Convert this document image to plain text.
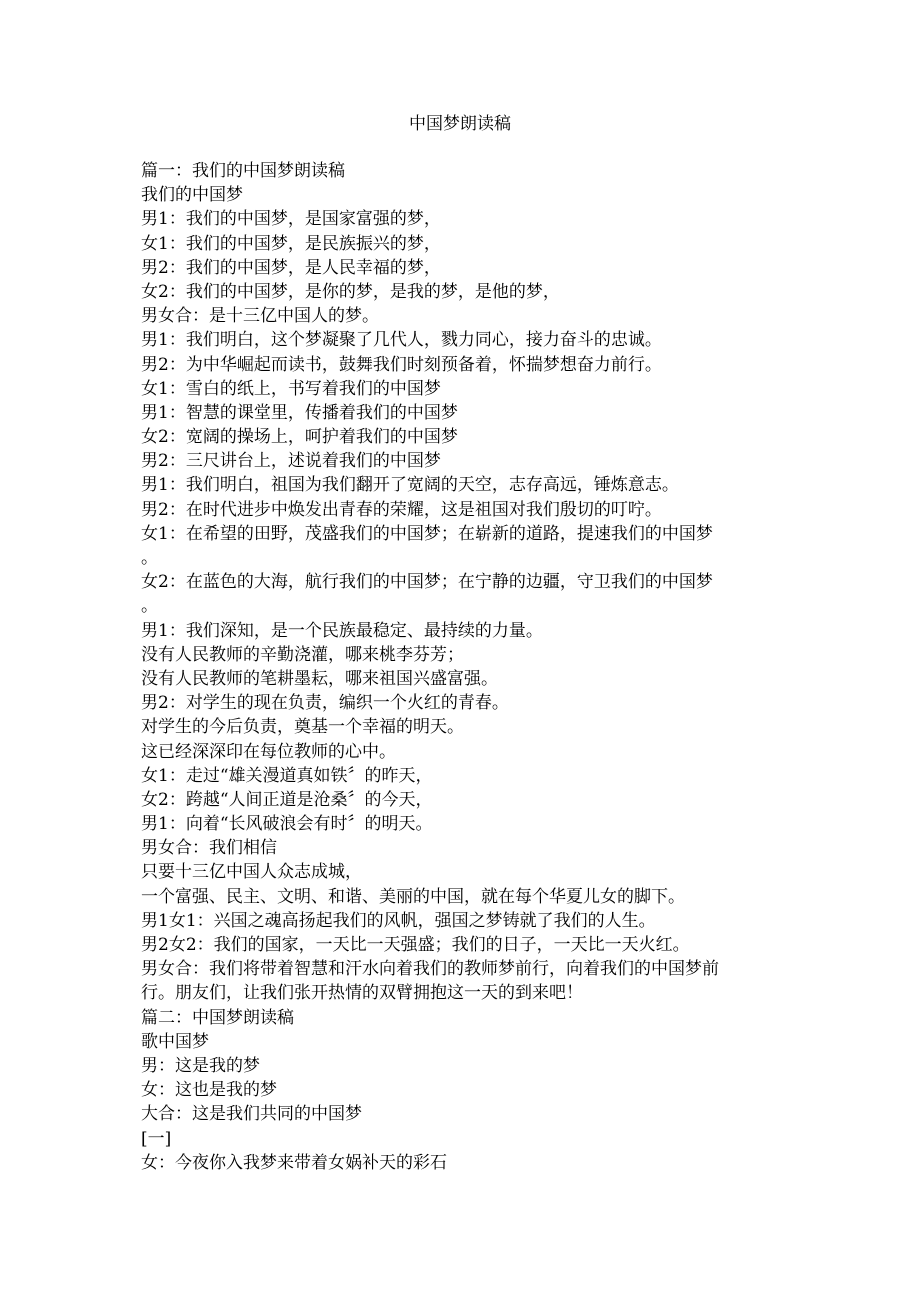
中国梦朗读稿
篇一：我们的中国梦朗读稿
我们的中国梦
男1：我们的中国梦，是国家富强的梦，
女1：我们的中国梦，是民族振兴的梦，
男2：我们的中国梦，是人民幸福的梦，
女2：我们的中国梦，是你的梦，是我的梦，是他的梦，
男女合：是十三亿中国人的梦。
男1：我们明白，这个梦凝聚了几代人，戮力同心，接力奋斗的忠诚。
男2：为中华崛起而读书，鼓舞我们时刻预备着，怀揣梦想奋力前行。
女1：雪白的纸上，书写着我们的中国梦
男1：智慧的课堂里，传播着我们的中国梦
女2：宽阔的操场上，呵护着我们的中国梦
男2：三尺讲台上，述说着我们的中国梦
男1：我们明白，祖国为我们翻开了宽阔的天空，志存高远，锤炼意志。
男2：在时代进步中焕发出青春的荣耀，这是祖国对我们殷切的叮咛。
女1：在希望的田野，茂盛我们的中国梦；在崭新的道路，提速我们的中国梦
。
女2：在蓝色的大海，航行我们的中国梦；在宁静的边疆，守卫我们的中国梦
。
男1：我们深知，是一个民族最稳定、最持续的力量。
没有人民教师的辛勤浇灌，哪来桃李芬芳；
没有人民教师的笔耕墨耘，哪来祖国兴盛富强。
男2：对学生的现在负责，编织一个火红的青春。
对学生的今后负责，奠基一个幸福的明天。
这已经深深印在每位教师的心中。
女1：走过“雄关漫道真如铁〞的昨天，
女2：跨越“人间正道是沧桑〞的今天，
男1：向着“长风破浪会有时〞的明天。
男女合：我们相信
只要十三亿中国人众志成城，
一个富强、民主、文明、和谐、美丽的中国，就在每个华夏儿女的脚下。
男1女1：兴国之魂高扬起我们的风帆，强国之梦铸就了我们的人生。
男2女2：我们的国家，一天比一天强盛；我们的日子，一天比一天火红。
男女合：我们将带着智慧和汗水向着我们的教师梦前行，向着我们的中国梦前
行。朋友们，让我们张开热情的双臂拥抱这一天的到来吧！
篇二：中国梦朗读稿
歌中国梦
男：这是我的梦
女：这也是我的梦
大合：这是我们共同的中国梦
[一]
女：今夜你入我梦来带着女娲补天的彩石
